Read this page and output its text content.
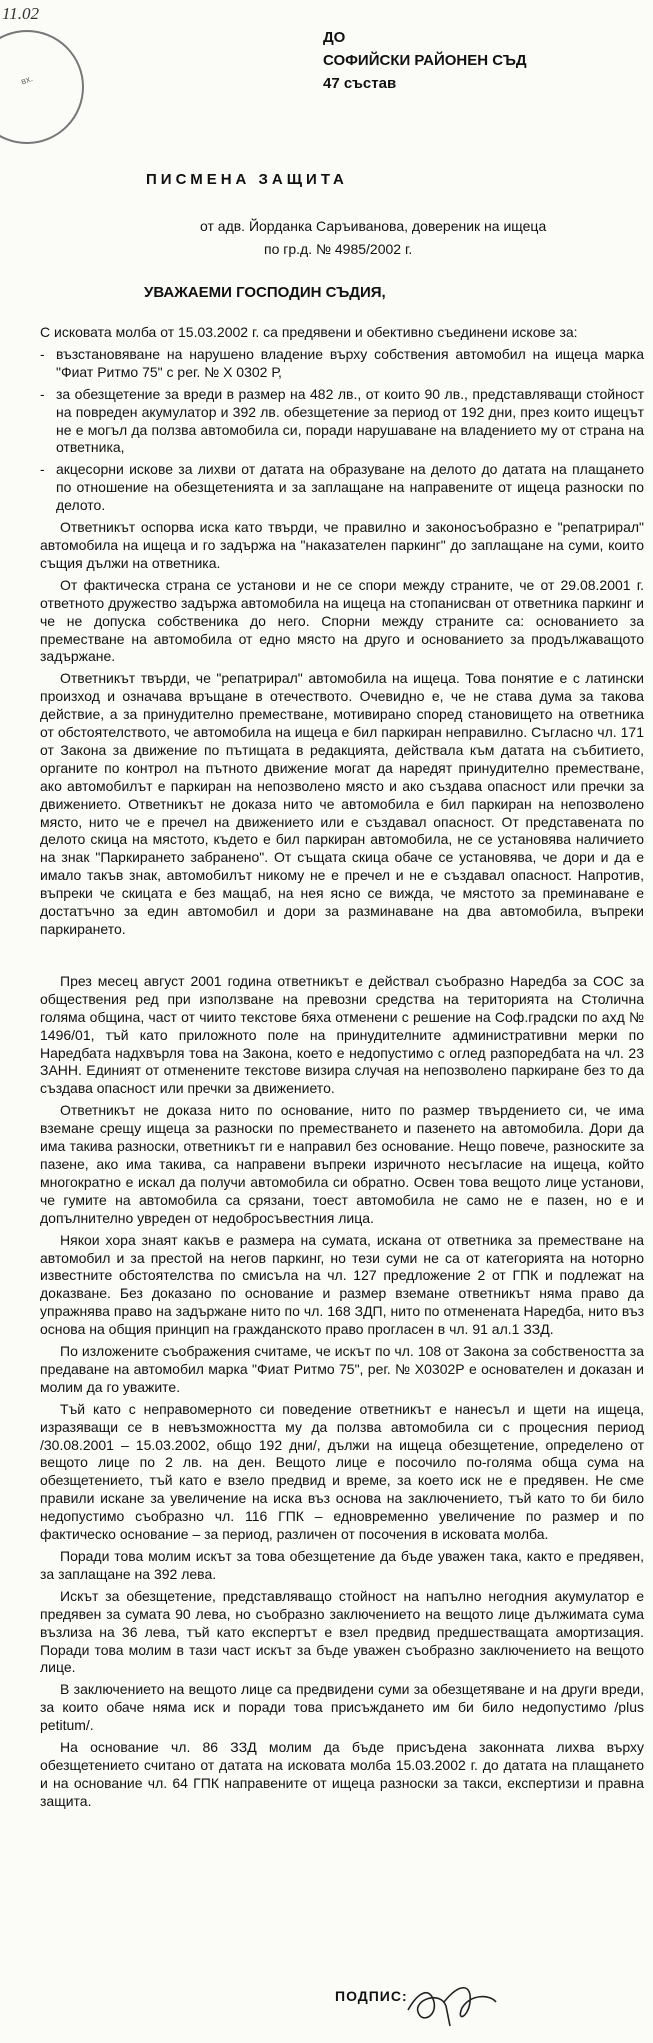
11.02
вх.
ДО
СОФИЙСКИ РАЙОНЕН СЪД
47 състав
ПИСМЕНА ЗАЩИТА
от адв. Йорданка Саръиванова, довереник на ищеца
по гр.д. № 4985/2002 г.
УВАЖАЕМИ ГОСПОДИН СЪДИЯ,

С исковата молба от 15.03.2002 г. са предявени и обективно съединени искове за:

- възстановяване на нарушено владение върху собствения автомобил на ищеца марка "Фиат Ритмо 75" с рег. № Х 0302 Р,
- за обезщетение за вреди в размер на 482 лв., от които 90 лв., представляващи стойност на повреден акумулатор и 392 лв. обезщетение за период от 192 дни, през които ищецът не е могъл да ползва автомобила си, поради нарушаване на владението му от страна на ответника,
- акцесорни искове за лихви от датата на образуване на делото до датата на плащането по отношение на обезщетенията и за заплащане на направените от ищеца разноски по делото.

Ответникът оспорва иска като твърди, че правилно и законосъобразно е "репатрирал" автомобила на ищеца и го задържа на "наказателен паркинг" до заплащане на суми, които същия дължи на ответника.

От фактическа страна се установи и не се спори между страните, че от 29.08.2001 г. ответното дружество задържа автомобила на ищеца на стопанисван от ответника паркинг и че не допуска собственика до него. Спорни между страните са: основанието за преместване на автомобила от едно място на друго и основанието за продължаващото задържане.

Ответникът твърди, че "репатрирал" автомобила на ищеца. Това понятие е с латински произход и означава връщане в отечеството. Очевидно е, че не става дума за такова действие, а за принудително преместване, мотивирано според становището на ответника от обстоятелството, че автомобила на ищеца е бил паркиран неправилно. Съгласно чл. 171 от Закона за движение по пътищата в редакцията, действала към датата на събитието, органите по контрол на пътното движение могат да наредят принудително преместване, ако автомобилът е паркиран на непозволено място и ако създава опасност или пречки за движението. Ответникът не доказа нито че автомобила е бил паркиран на непозволено място, нито че е пречел на движението или е създавал опасност. От представената по делото скица на мястото, където е бил паркиран автомобила, не се установява наличието на знак "Паркирането забранено". От същата скица обаче се установява, че дори и да е имало такъв знак, автомобилът никому не е пречел и не е създавал опасност. Напротив, въпреки че скицата е без мащаб, на нея ясно се вижда, че мястото за преминаване е достатъчно за един автомобил и дори за разминаване на два автомобила, въпреки паркирането.

През месец август 2001 година ответникът е действал съобразно Наредба за СОС за обществения ред при използване на превозни средства на територията на Столична голяма община, част от чиито текстове бяха отменени с решение на Соф.градски по ахд № 1496/01, тъй като приложното поле на принудителните административни мерки по Наредбата надхвърля това на Закона, което е недопустимо с оглед разпоредбата на чл. 23 ЗАНН. Единият от отменените текстове визира случая на непозволено паркиране без то да създава опасност или пречки за движението.

Ответникът не доказа нито по основание, нито по размер твърдението си, че има вземане срещу ищеца за разноски по преместването и пазенето на автомобила. Дори да има такива разноски, ответникът ги е направил без основание. Нещо повече, разноските за пазене, ако има такива, са направени въпреки изричното несъгласие на ищеца, който многократно е искал да получи автомобила си обратно. Освен това вещото лице установи, че гумите на автомобила са срязани, тоест автомобила не само не е пазен, но е и допълнително увреден от недобросъвестния лица.

Някои хора знаят какъв е размера на сумата, искана от ответника за преместване на автомобил и за престой на негов паркинг, но тези суми не са от категорията на ноторно известните обстоятелства по смисъла на чл. 127 предложение 2 от ГПК и подлежат на доказване. Без доказано по основание и размер вземане ответникът няма право да упражнява право на задържане нито по чл. 168 ЗДП, нито по отменената Наредба, нито въз основа на общия принцип на гражданското право прогласен в чл. 91 ал.1 ЗЗД.

По изложените съображения считаме, че искът по чл. 108 от Закона за собствеността за предаване на автомобил марка "Фиат Ритмо 75", рег. № Х0302Р е основателен и доказан и молим да го уважите.

Тъй като с неправомерното си поведение ответникът е нанесъл и щети на ищеца, изразяващи се в невъзможността му да ползва автомобила си с процесния период /30.08.2001 – 15.03.2002, общо 192 дни/, дължи на ищеца обезщетение, определено от вещото лице по 2 лв. на ден. Вещото лице е посочило по-голяма обща сума на обезщетението, тъй като е взело предвид и време, за което иск не е предявен. Не сме правили искане за увеличение на иска въз основа на заключението, тъй като то би било недопустимо съобразно чл. 116 ГПК – едновременно увеличение по размер и по фактическо основание – за период, различен от посочения в исковата молба.

Поради това молим искът за това обезщетение да бъде уважен така, както е предявен, за заплащане на 392 лева.

Искът за обезщетение, представляващо стойност на напълно негодния акумулатор е предявен за сумата 90 лева, но съобразно заключението на вещото лице дължимата сума възлиза на 36 лева, тъй като експертът е взел предвид предшестващата амортизация. Поради това молим в тази част искът за бъде уважен съобразно заключението на вещото лице.

В заключението на вещото лице са предвидени суми за обезщетяване и на други вреди, за които обаче няма иск и поради това присъждането им би било недопустимо /plus petitum/.

На основание чл. 86 ЗЗД молим да бъде присъдена законната лихва върху обезщетението считано от датата на исковата молба 15.03.2002 г. до датата на плащането и на основание чл. 64 ГПК направените от ищеца разноски за такси, експертизи и правна защита.

ПОДПИС:
